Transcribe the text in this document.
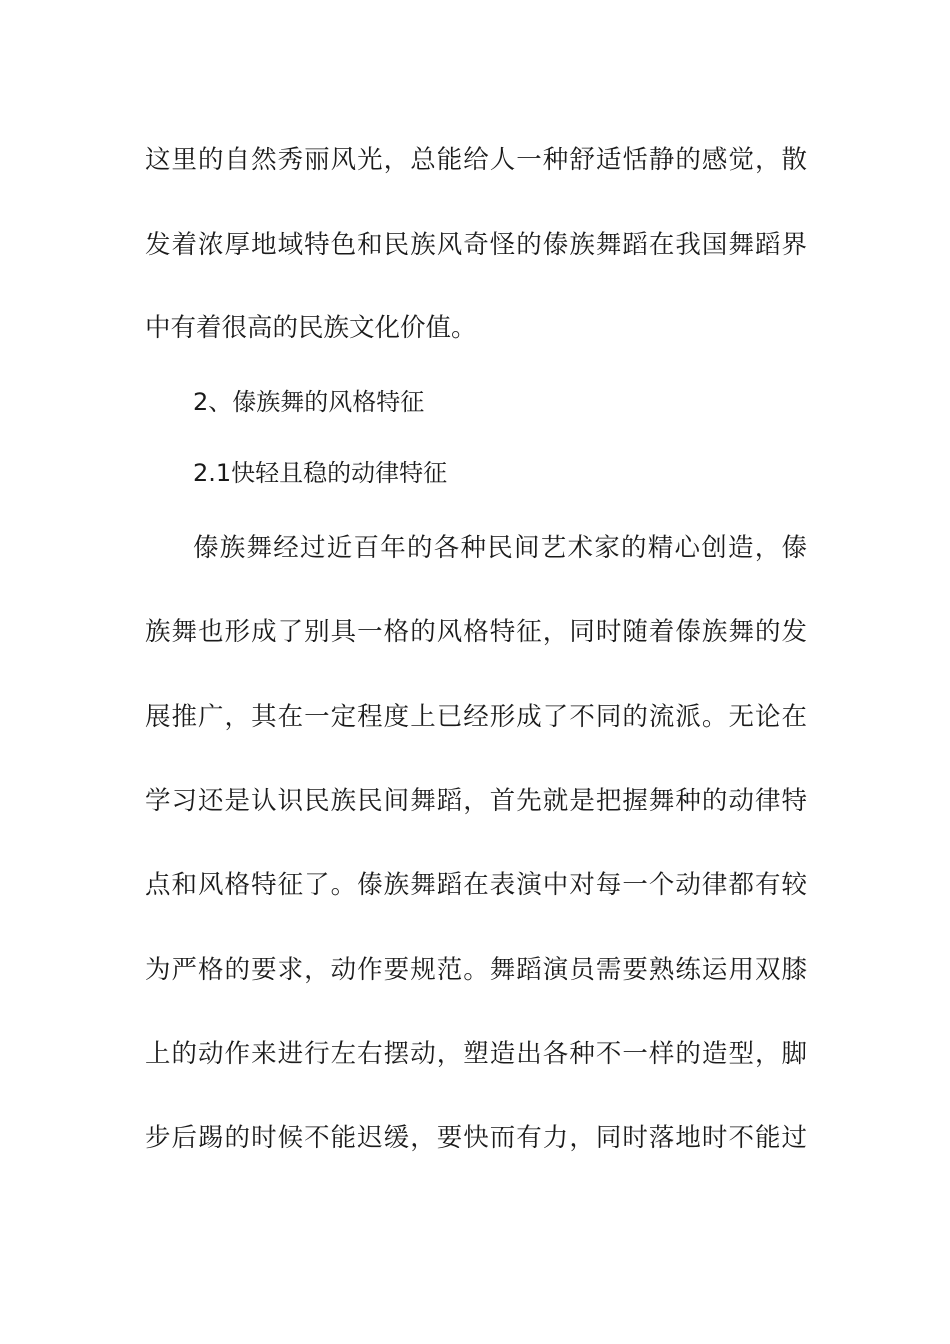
这里的自然秀丽风光，总能给人一种舒适恬静的感觉，散
发着浓厚地域特色和民族风奇怪的傣族舞蹈在我国舞蹈界
中有着很高的民族文化价值。
2、傣族舞的风格特征
2.1快轻且稳的动律特征
傣族舞经过近百年的各种民间艺术家的精心创造，傣
族舞也形成了别具一格的风格特征，同时随着傣族舞的发
展推广，其在一定程度上已经形成了不同的流派。无论在
学习还是认识民族民间舞蹈，首先就是把握舞种的动律特
点和风格特征了。傣族舞蹈在表演中对每一个动律都有较
为严格的要求，动作要规范。舞蹈演员需要熟练运用双膝
上的动作来进行左右摆动，塑造出各种不一样的造型，脚
步后踢的时候不能迟缓，要快而有力，同时落地时不能过
